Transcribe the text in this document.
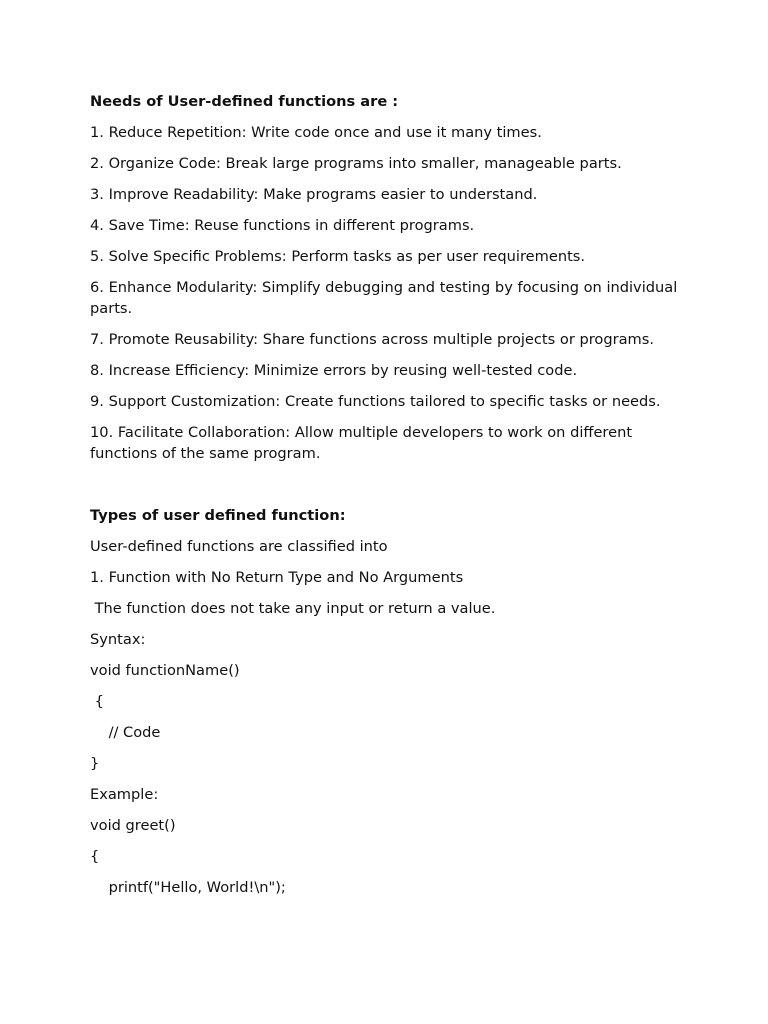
Needs of User-defined functions are :

1. Reduce Repetition: Write code once and use it many times.

2. Organize Code: Break large programs into smaller, manageable parts.

3. Improve Readability: Make programs easier to understand.

4. Save Time: Reuse functions in different programs.

5. Solve Specific Problems: Perform tasks as per user requirements.

6. Enhance Modularity: Simplify debugging and testing by focusing on individual parts.

7. Promote Reusability: Share functions across multiple projects or programs.

8. Increase Efficiency: Minimize errors by reusing well-tested code.

9. Support Customization: Create functions tailored to specific tasks or needs.

10. Facilitate Collaboration: Allow multiple developers to work on different functions of the same program.

Types of user defined function:

User-defined functions are classified into

1. Function with No Return Type and No Arguments

The function does not take any input or return a value.

Syntax:

void functionName()

{

// Code

}

Example:

void greet()

{

printf("Hello, World!\n");
